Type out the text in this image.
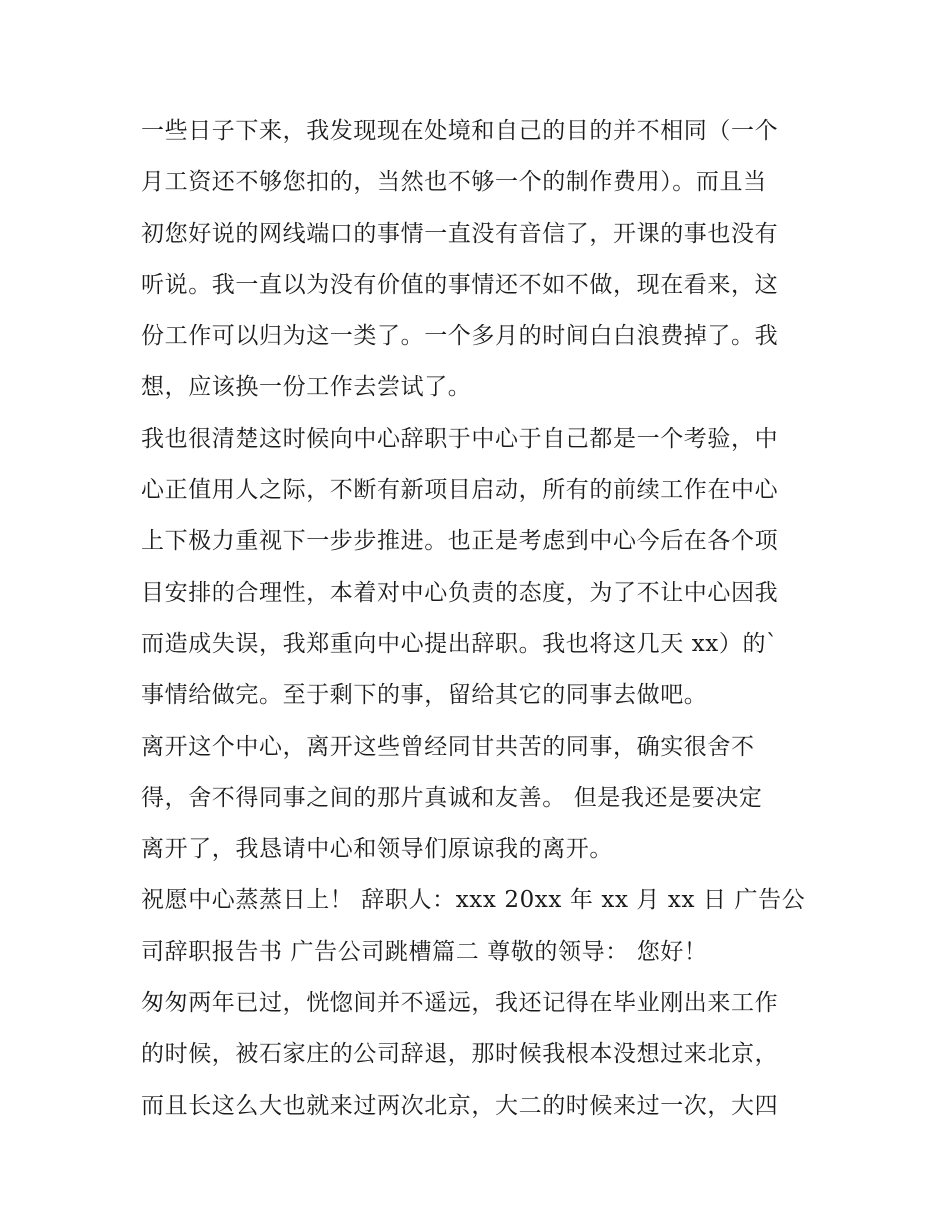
一些日子下来，我发现现在处境和自己的目的并不相同（一个
月工资还不够您扣的，当然也不够一个的制作费用）。而且当
初您好说的网线端口的事情一直没有音信了，开课的事也没有
听说。我一直以为没有价值的事情还不如不做，现在看来，这
份工作可以归为这一类了。一个多月的时间白白浪费掉了。我
想，应该换一份工作去尝试了。
我也很清楚这时候向中心辞职于中心于自己都是一个考验，中
心正值用人之际，不断有新项目启动，所有的前续工作在中心
上下极力重视下一步步推进。也正是考虑到中心今后在各个项
目安排的合理性，本着对中心负责的态度，为了不让中心因我
而造成失误，我郑重向中心提出辞职。我也将这几天 xx）的`
事情给做完。至于剩下的事，留给其它的同事去做吧。
离开这个中心，离开这些曾经同甘共苦的同事，确实很舍不
得，舍不得同事之间的那片真诚和友善。 但是我还是要决定
离开了，我恳请中心和领导们原谅我的离开。
祝愿中心蒸蒸日上！ 辞职人：xxx 20xx 年 xx 月 xx 日 广告公
司辞职报告书 广告公司跳槽篇二 尊敬的领导： 您好！
匆匆两年已过，恍惚间并不遥远，我还记得在毕业刚出来工作
的时候，被石家庄的公司辞退，那时候我根本没想过来北京，
而且长这么大也就来过两次北京，大二的时候来过一次，大四
